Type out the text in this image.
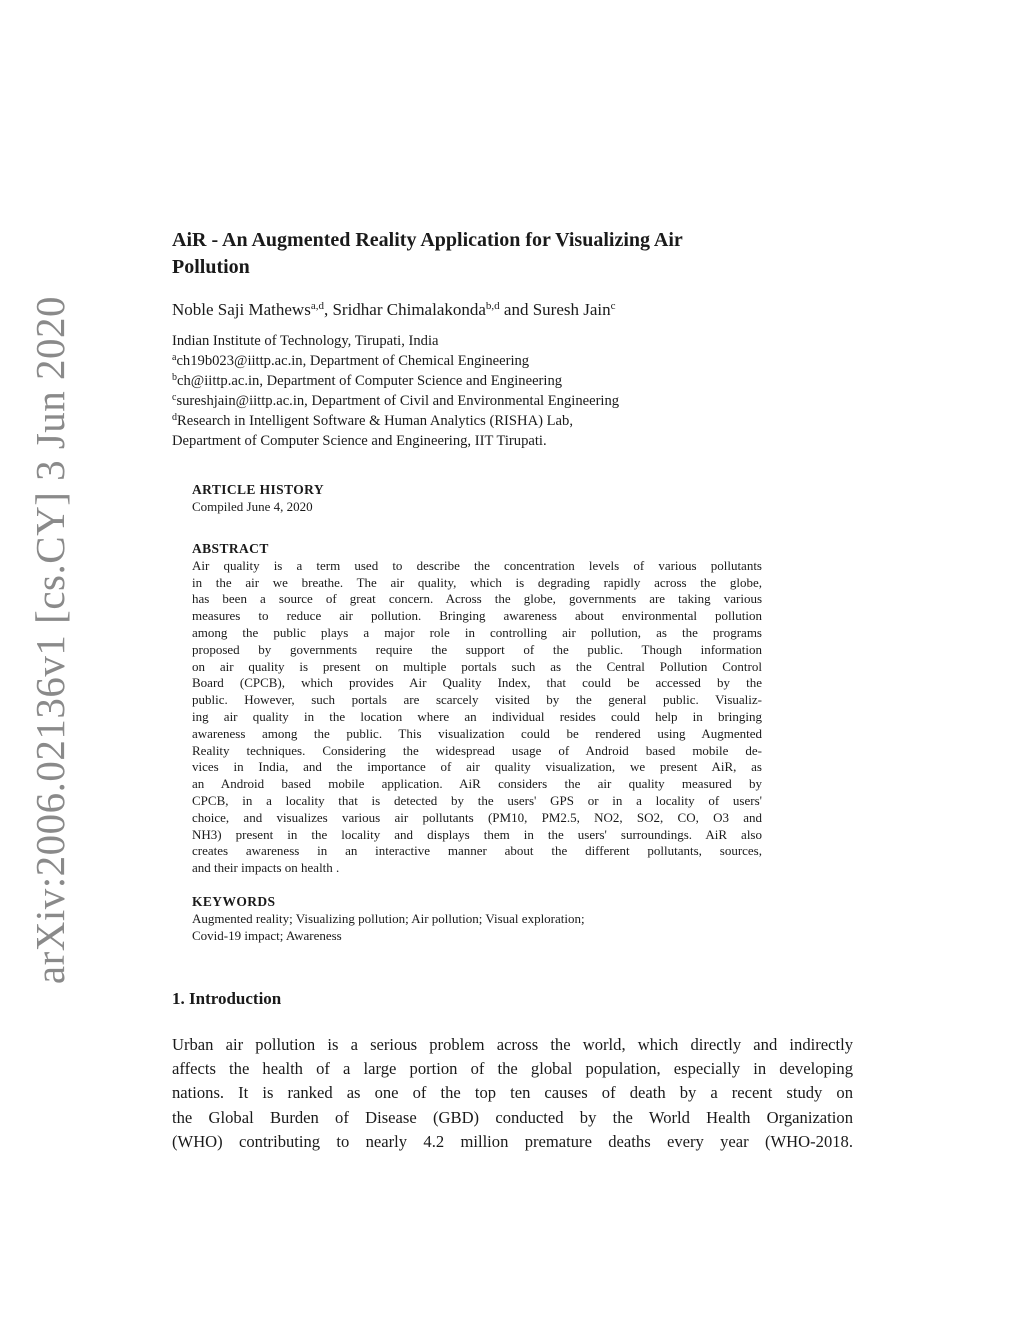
arXiv:2006.02136v1 [cs.CY] 3 Jun 2020
AiR - An Augmented Reality Application for Visualizing Air
Pollution
Noble Saji Mathews$^{a,d}$, Sridhar Chimalakonda$^{b,d}$ and Suresh Jain$^c$
Indian Institute of Technology, Tirupati, India
$^a$ch19b023@iittp.ac.in, Department of Chemical Engineering
$^b$ch@iittp.ac.in, Department of Computer Science and Engineering
$^c$sureshjain@iittp.ac.in, Department of Civil and Environmental Engineering
$^d$Research in Intelligent Software & Human Analytics (RISHA) Lab,
Department of Computer Science and Engineering, IIT Tirupati.
ARTICLE HISTORY
Compiled June 4, 2020
ABSTRACT
Air quality is a term used to describe the concentration levels of various pollutants
in the air we breathe. The air quality, which is degrading rapidly across the globe,
has been a source of great concern. Across the globe, governments are taking various
measures to reduce air pollution. Bringing awareness about environmental pollution
among the public plays a major role in controlling air pollution, as the programs
proposed by governments require the support of the public. Though information
on air quality is present on multiple portals such as the Central Pollution Control
Board (CPCB), which provides Air Quality Index, that could be accessed by the
public. However, such portals are scarcely visited by the general public. Visualiz-
ing air quality in the location where an individual resides could help in bringing
awareness among the public. This visualization could be rendered using Augmented
Reality techniques. Considering the widespread usage of Android based mobile de-
vices in India, and the importance of air quality visualization, we present AiR, as
an Android based mobile application. AiR considers the air quality measured by
CPCB, in a locality that is detected by the users' GPS or in a locality of users'
choice, and visualizes various air pollutants (PM10, PM2.5, NO2, SO2, CO, O3 and
NH3) present in the locality and displays them in the users' surroundings. AiR also
creates awareness in an interactive manner about the different pollutants, sources,
and their impacts on health .
KEYWORDS
Augmented reality; Visualizing pollution; Air pollution; Visual exploration;
Covid-19 impact; Awareness
1. Introduction
Urban air pollution is a serious problem across the world, which directly and indirectly
affects the health of a large portion of the global population, especially in developing
nations. It is ranked as one of the top ten causes of death by a recent study on
the Global Burden of Disease (GBD) conducted by the World Health Organization
(WHO) contributing to nearly 4.2 million premature deaths every year (WHO-2018.
